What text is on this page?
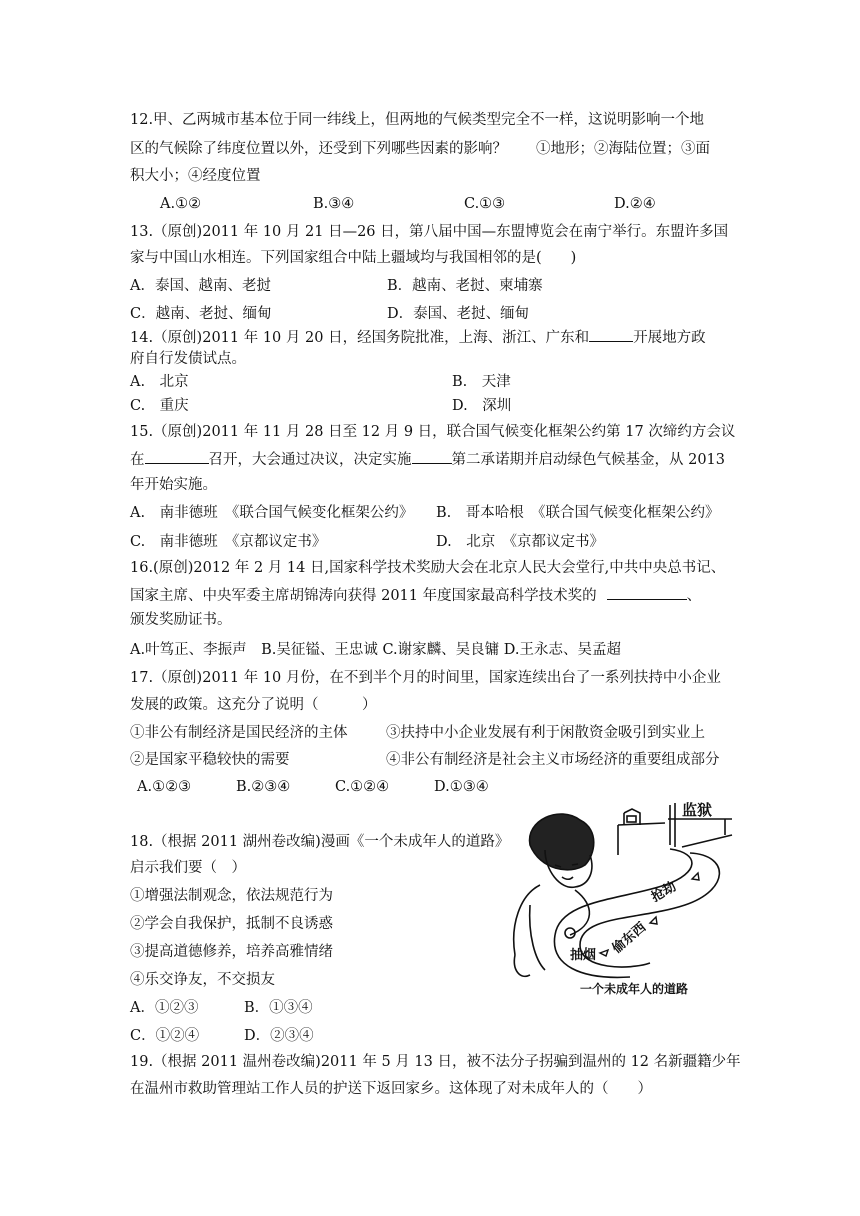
12.甲、乙两城市基本位于同一纬线上，但两地的气候类型完全不一样，这说明影响一个地
区的气候除了纬度位置以外，还受到下列哪些因素的影响？　　①地形；②海陆位置；③面
积大小；④经度位置
A.①②	B.③④	C.①③	D.②④
13.（原创)2011 年 10 月 21 日—26 日，第八届中国—东盟博览会在南宁举行。东盟许多国
家与中国山水相连。下列国家组合中陆上疆域均与我国相邻的是(　　)
A．泰国、越南、老挝	B．越南、老挝、柬埔寨
C．越南、老挝、缅甸	D．泰国、老挝、缅甸
14.（原创)2011 年 10 月 20 日，经国务院批准，上海、浙江、广东和	开展地方政
府自行发债试点。
A.　北京	B.　天津
C.　重庆	D.　深圳
15.（原创)2011 年 11 月 28 日至 12 月 9 日，联合国气候变化框架公约第 17 次缔约方会议
在	召开，大会通过决议，决定实施	第二承诺期并启动绿色气候基金，从 2013
年开始实施。
A.　南非德班　《联合国气候变化框架公约》 B.　哥本哈根　《联合国气候变化框架公约》
C.　南非德班　《京都议定书》	D.　北京　《京都议定书》
16.(原创)2012 年 2 月 14 日,国家科学技术奖励大会在北京人民大会堂行,中共中央总书记、
国家主席、中央军委主席胡锦涛向获得 2011 年度国家最高科学技术奖的	、
颁发奖励证书。
A.叶笃正、李振声　B.吴征镒、王忠诚 C.谢家麟、吴良镛 D.王永志、吴孟超
17.（原创)2011 年 10 月份，在不到半个月的时间里，国家连续出台了一系列扶持中小企业
发展的政策。这充分了说明（　　　）
①非公有制经济是国民经济的主体	③扶持中小企业发展有利于闲散资金吸引到实业上
②是国家平稳较快的需要	④非公有制经济是社会主义市场经济的重要组成部分
A.①②③	B.②③④	C.①②④	D.①③④
18.（根据 2011 湖州卷改编)漫画《一个未成年人的道路》
启示我们要（　）
①增强法制观念，依法规范行为
②学会自我保护，抵制不良诱惑
③提高道德修养，培养高雅情绪
④乐交诤友，不交损友
A．①②③	B．①③④
C．①②④	D．②③④
监狱
抽烟 偷东西
抢劫
一个未成年人的道路
19.（根据 2011 温州卷改编)2011 年 5 月 13 日，被不法分子拐骗到温州的 12 名新疆籍少年
在温州市救助管理站工作人员的护送下返回家乡。这体现了对未成年人的（　　）
